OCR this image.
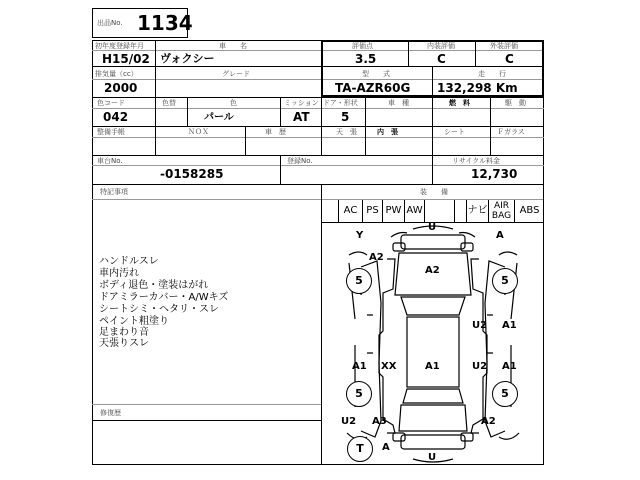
出品No. 1134
初年度登録年月
H15/02
車　　名
ヴォクシー
評価点
3.5
内装評価
C
外装評価
C
排気量（cc）
2000
グレード	型　　式
TA-AZR60G
走　　行
132,298 Km
色コード
042
色替	色
パール
ミッション
AT
ドア・形状
5
車　種	燃　料	駆　動
整備手帳	ＮＯＸ	車　歴	天　張	内　張	シート	Ｆガラス
車台No.
-0158285
登録No.	リサイクル料金
12,730
特記事項	装　　備
ハンドルスレ
車内汚れ
ボディ退色・塗装はがれ
ドアミラーカバー・A/Wキズ
シートシミ・ヘタリ・スレ
ペイント粗塗り
足まわり音
天張りスレ
修復歴
AC PS PW AW	ナビ AIR BAG ABS
5	5
5	5
T
Y
U
A
A2
A2
U2 A1
A1 XX	A1	U2 A1
U2 A3	A2
A
U
